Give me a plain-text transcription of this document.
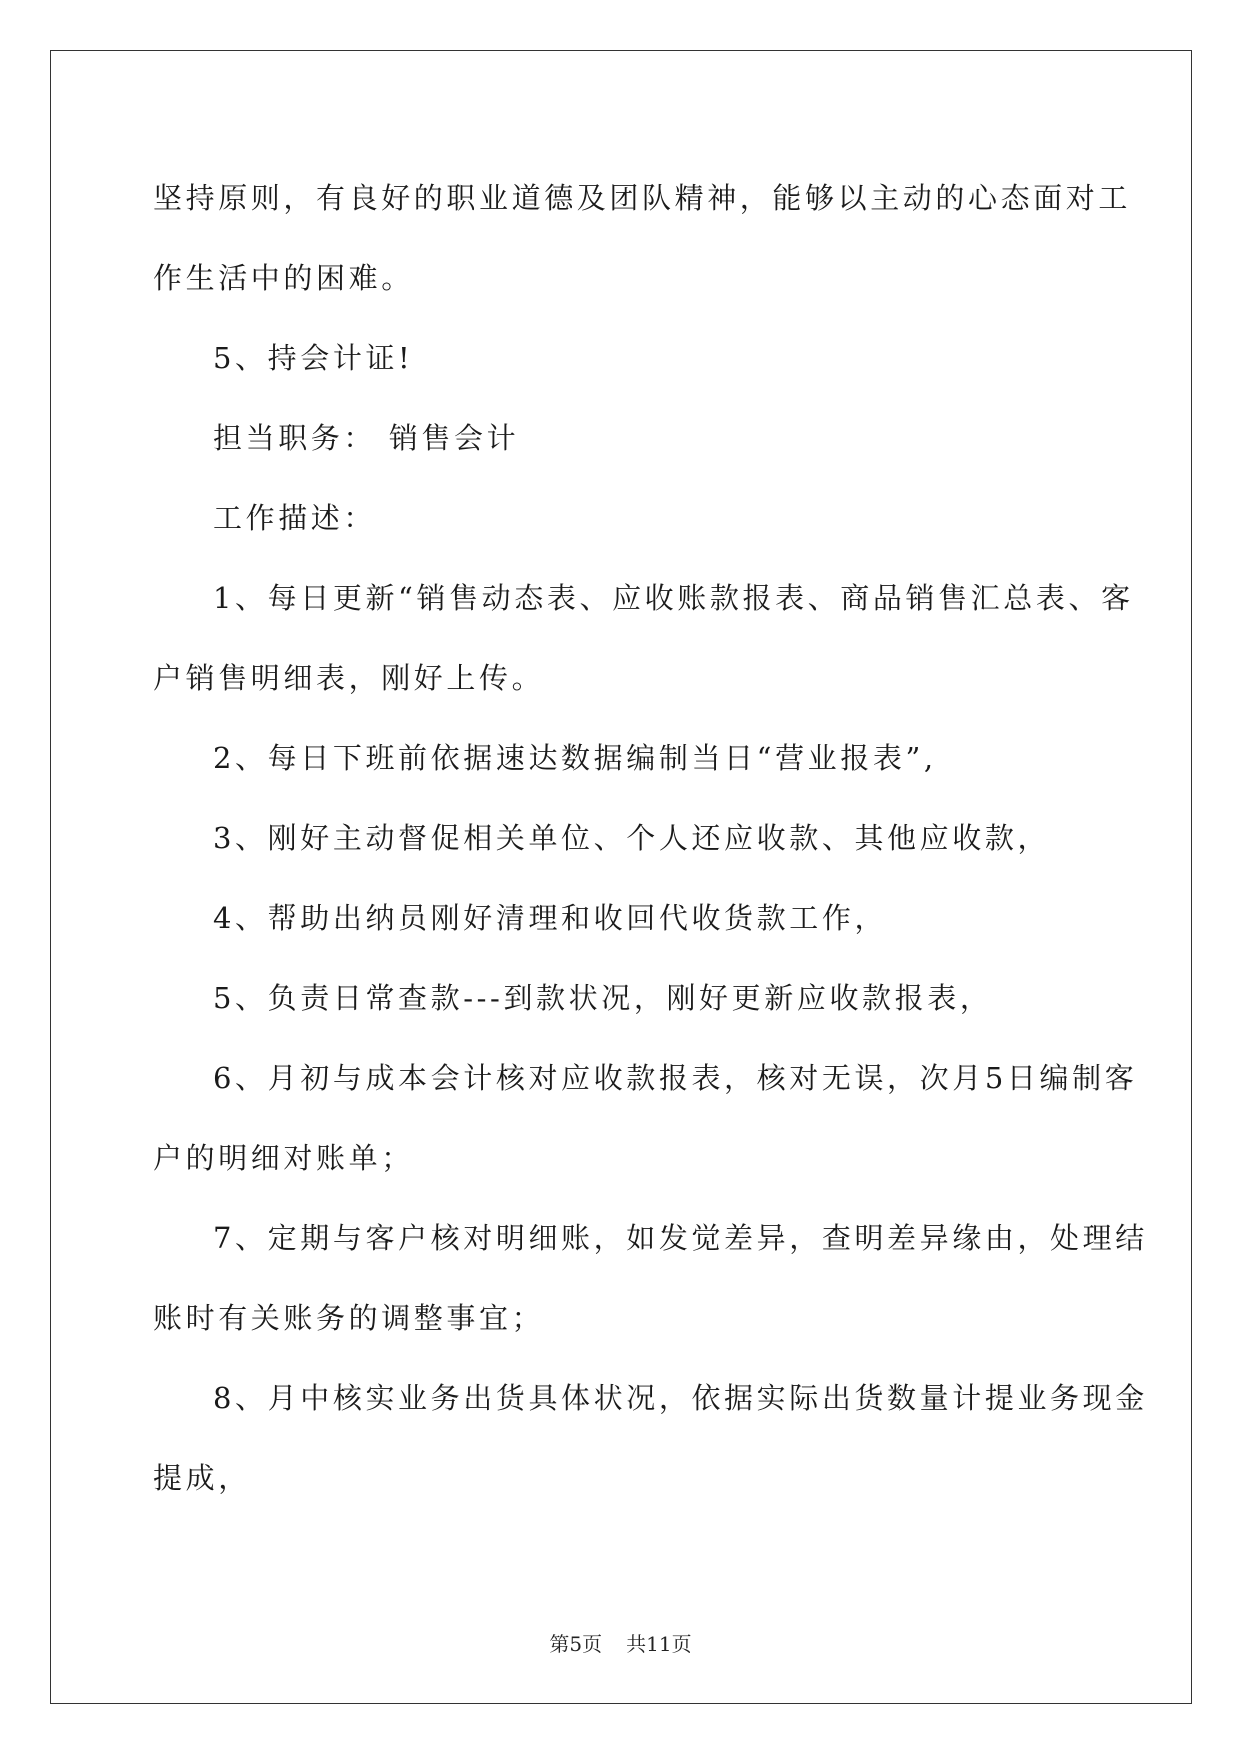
坚持原则，有良好的职业道德及团队精神，能够以主动的心态面对工
作生活中的困难。
5、持会计证!
担当职务： 销售会计
工作描述：
1、每日更新“销售动态表、应收账款报表、商品销售汇总表、客
户销售明细表，刚好上传。
2、每日下班前依据速达数据编制当日“营业报表”,
3、刚好主动督促相关单位、个人还应收款、其他应收款，
4、帮助出纳员刚好清理和收回代收货款工作，
5、负责日常查款---到款状况，刚好更新应收款报表，
6、月初与成本会计核对应收款报表，核对无误，次月5日编制客
户的明细对账单；
7、定期与客户核对明细账，如发觉差异，查明差异缘由，处理结
账时有关账务的调整事宜；
8、月中核实业务出货具体状况，依据实际出货数量计提业务现金
提成，
第5页 共11页
